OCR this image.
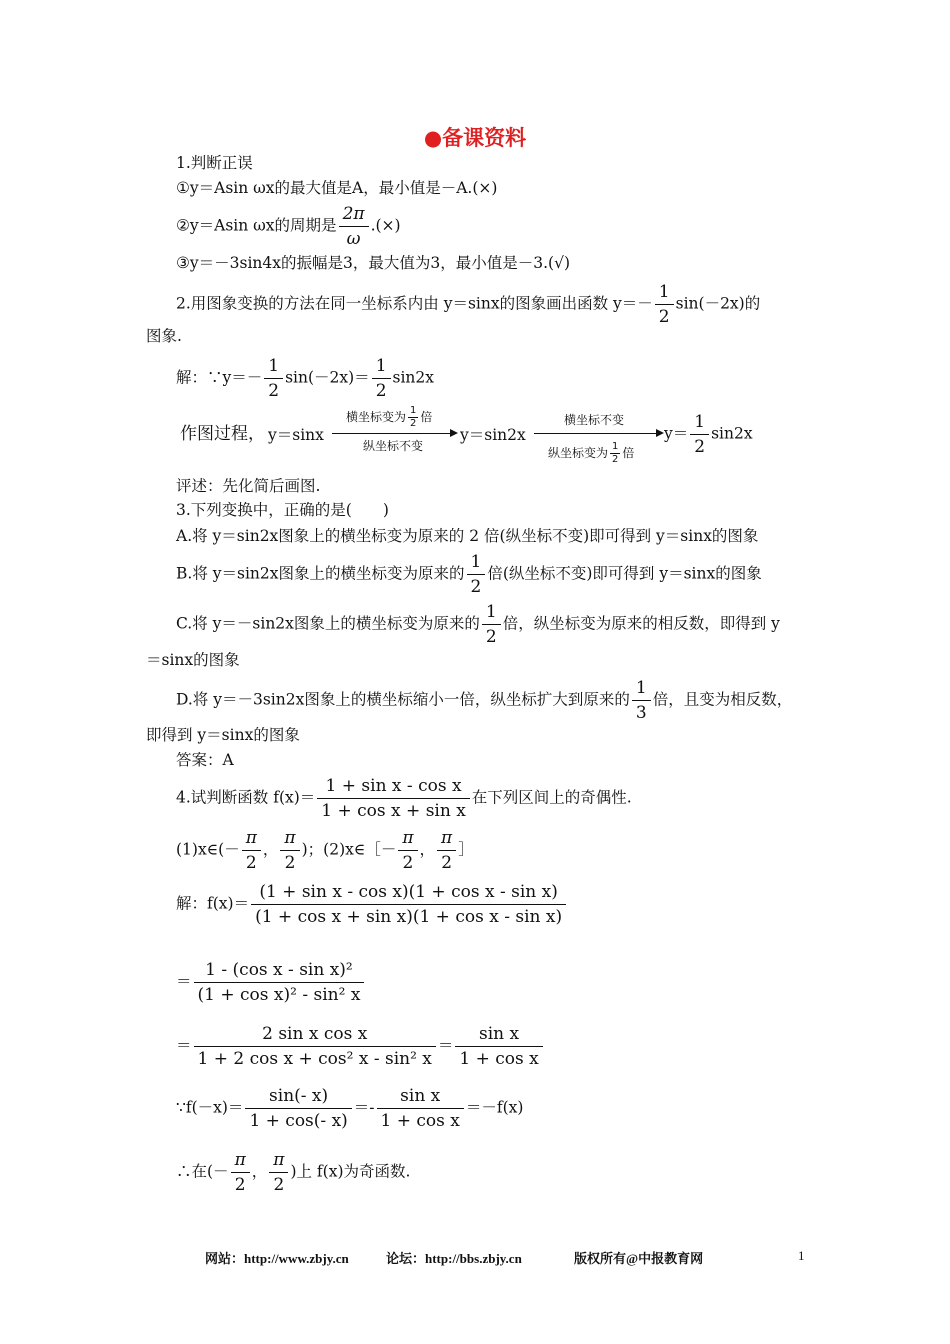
●备课资料
1.判断正误
①y＝Asin ωx的最大值是A，最小值是－A.(×)
②y＝Asin ωx的周期是 $\frac{2\pi}{\omega}$ .(×)
③y＝－3sin4x的振幅是3，最大值为3，最小值是－3.(√)
2.用图象变换的方法在同一坐标系内由 y＝sinx的图象画出函数 $y=- \frac{1}{2} \sin(-2x)$的
图象.
解：∵y＝－ $\frac{1}{2} \sin(-2x)= \frac{1}{2} \sin 2x$
作图过程， y＝sinx
横坐标变为 $\frac{1}{2}$ 倍
纵坐标不变
y＝sin2x
横坐标不变
纵坐标变为 $\frac{1}{2}$ 倍
$y= \frac{1}{2} \sin 2x$
评述：先化简后画图.
3.下列变换中，正确的是(　　)
A.将 y＝sin2x图象上的横坐标变为原来的 2 倍(纵坐标不变)即可得到 y＝sinx的图象
B.将 y＝sin2x图象上的横坐标变为原来的 $\frac{1}{2}$ 倍(纵坐标不变)即可得到 y＝sinx的图象
C.将 y＝－sin2x图象上的横坐标变为原来的 $\frac{1}{2}$ 倍，纵坐标变为原来的相反数，即得到 y
＝sinx的图象
D.将 y＝－3sin2x图象上的横坐标缩小一倍，纵坐标扩大到原来的 $\frac{1}{3}$ 倍，且变为相反数，
即得到 y＝sinx的图象
答案：A
4.试判断函数 $f(x)= \frac{\text{1 + sin x - cos x}}{\text{1 + cos x + sin x}}$ 在下列区间上的奇偶性.
(1)x∈(－ $\frac{\pi}{2}$ ， $\frac{\pi}{2}$ )；(2)x∈［－ $\frac{\pi}{2}$ ， $\frac{\pi}{2}$ ］
解：$f(x)= \frac{\text{(1 + sin x - cos x)(1 + cos x - sin x)}}{\text{(1 + cos x + sin x)(1 + cos x - sin x)}}$
＝ $\frac{\text{1 - (cos x - sin x)²}}{\text{(1 + cos x)² - sin² x}}$
＝ $\frac{\text{2 sin x cos x}}{\text{1 + 2 cos x + cos² x - sin² x}} = \frac{\text{sin x}}{\text{1 + cos x}}$
∵f(－x)＝ $\frac{\sin(- x)}{1 + \cos(- x)} =- \frac{\text{sin x}}{\text{1 + cos x}} =-f(x)$
∴在(－ $\frac{\pi}{2}$ ， $\frac{\pi}{2}$ )上 f(x)为奇函数.
网站：http://www.zbjy.cn	论坛：http://bbs.zbjy.cn	版权所有@中报教育网	1
